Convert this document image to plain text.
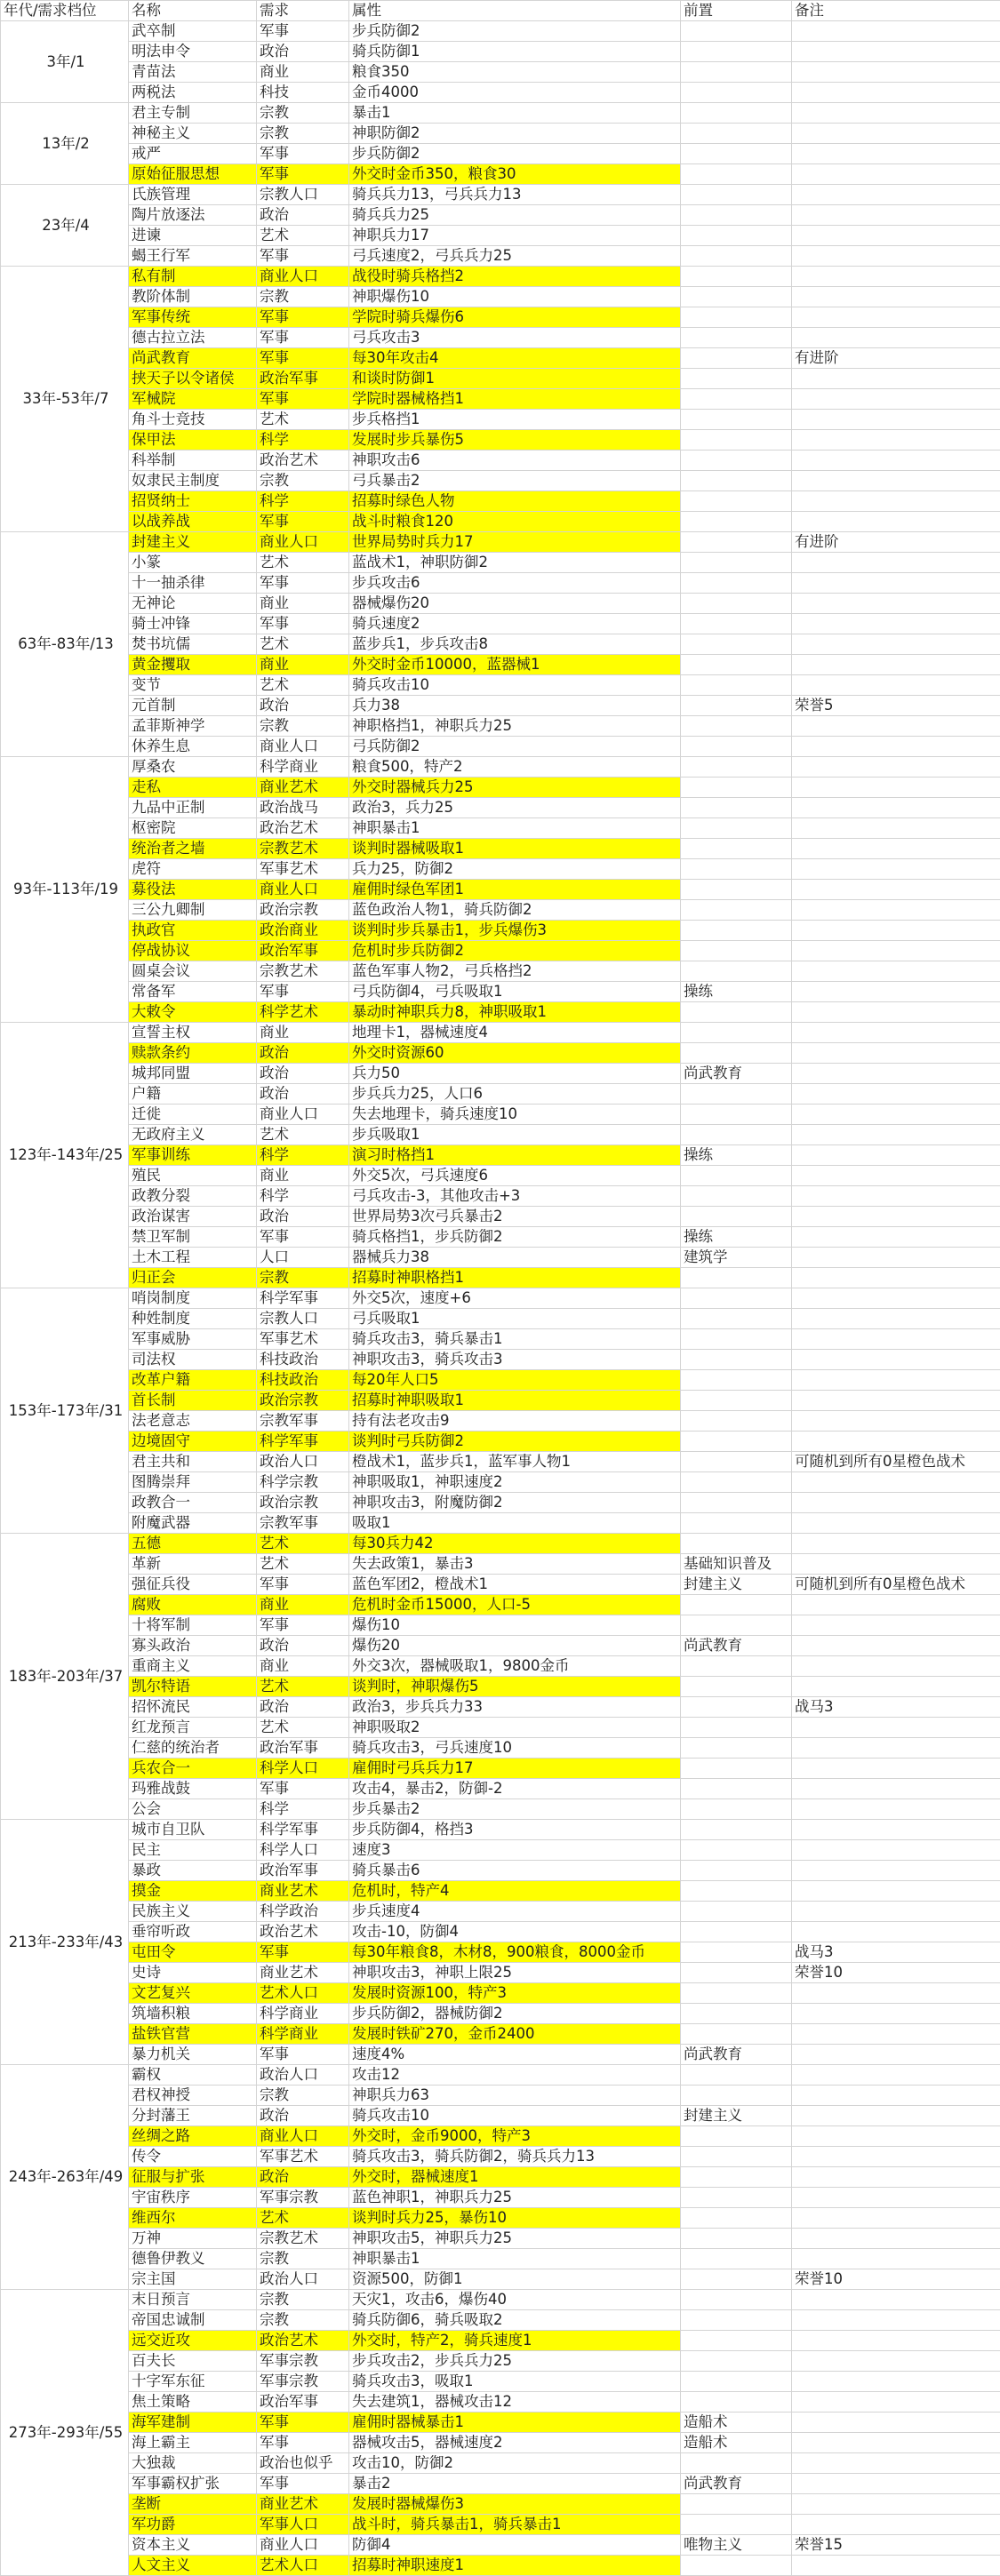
年代/需求档位	名称	需求	属性	前置	备注
3年/1	武卒制	军事	步兵防御2		
	明法申令	政治	骑兵防御1		
	青苗法	商业	粮食350		
	两税法	科技	金币4000		
13年/2	君主专制	宗教	暴击1		
	神秘主义	宗教	神职防御2		
	戒严	军事	步兵防御2		
	原始征服思想	军事	外交时金币350，粮食30		
23年/4	氏族管理	宗教人口	骑兵兵力13，弓兵兵力13		
	陶片放逐法	政治	骑兵兵力25		
	进谏	艺术	神职兵力17		
	蝎王行军	军事	弓兵速度2，弓兵兵力25		
33年-53年/7	私有制	商业人口	战役时骑兵格挡2		
	教阶体制	宗教	神职爆伤10		
	军事传统	军事	学院时骑兵爆伤6		
	德古拉立法	军事	弓兵攻击3		
	尚武教育	军事	每30年攻击4		有进阶
	挟天子以令诸侯	政治军事	和谈时防御1		
	军械院	军事	学院时器械格挡1		
	角斗士竞技	艺术	步兵格挡1		
	保甲法	科学	发展时步兵暴伤5		
	科举制	政治艺术	神职攻击6		
	奴隶民主制度	宗教	弓兵暴击2		
	招贤纳士	科学	招募时绿色人物		
	以战养战	军事	战斗时粮食120		
63年-83年/13	封建主义	商业人口	世界局势时兵力17		有进阶
	小篆	艺术	蓝战术1，神职防御2		
	十一抽杀律	军事	步兵攻击6		
	无神论	商业	器械爆伤20		
	骑士冲锋	军事	骑兵速度2		
	焚书坑儒	艺术	蓝步兵1，步兵攻击8		
	黄金攫取	商业	外交时金币10000，蓝器械1		
	变节	艺术	骑兵攻击10		
	元首制	政治	兵力38		荣誉5
	孟菲斯神学	宗教	神职格挡1，神职兵力25		
	休养生息	商业人口	弓兵防御2		
93年-113年/19	厚桑农	科学商业	粮食500，特产2		
	走私	商业艺术	外交时器械兵力25		
	九品中正制	政治战马	政治3，兵力25		
	枢密院	政治艺术	神职暴击1		
	统治者之墙	宗教艺术	谈判时器械吸取1		
	虎符	军事艺术	兵力25，防御2		
	募役法	商业人口	雇佣时绿色军团1		
	三公九卿制	政治宗教	蓝色政治人物1，骑兵防御2		
	执政官	政治商业	谈判时步兵暴击1，步兵爆伤3		
	停战协议	政治军事	危机时步兵防御2		
	圆桌会议	宗教艺术	蓝色军事人物2，弓兵格挡2		
	常备军	军事	弓兵防御4，弓兵吸取1	操练	
	大敕令	科学艺术	暴动时神职兵力8，神职吸取1		
123年-143年/25	宣誓主权	商业	地理卡1，器械速度4		
	赎款条约	政治	外交时资源60		
	城邦同盟	政治	兵力50	尚武教育	
	户籍	政治	步兵兵力25，人口6		
	迁徙	商业人口	失去地理卡，骑兵速度10		
	无政府主义	艺术	步兵吸取1		
	军事训练	科学	演习时格挡1	操练	
	殖民	商业	外交5次，弓兵速度6		
	政教分裂	科学	弓兵攻击-3，其他攻击+3		
	政治谋害	政治	世界局势3次弓兵暴击2		
	禁卫军制	军事	骑兵格挡1，步兵防御2	操练	
	土木工程	人口	器械兵力38	建筑学	
	归正会	宗教	招募时神职格挡1		
153年-173年/31	哨岗制度	科学军事	外交5次，速度+6		
	种姓制度	宗教人口	弓兵吸取1		
	军事威胁	军事艺术	骑兵攻击3，骑兵暴击1		
	司法权	科技政治	神职攻击3，骑兵攻击3		
	改革户籍	科技政治	每20年人口5		
	首长制	政治宗教	招募时神职吸取1		
	法老意志	宗教军事	持有法老攻击9		
	边境固守	科学军事	谈判时弓兵防御2		
	君主共和	政治人口	橙战术1，蓝步兵1，蓝军事人物1		可随机到所有0星橙色战术
	图腾崇拜	科学宗教	神职吸取1，神职速度2		
	政教合一	政治宗教	神职攻击3，附魔防御2		
	附魔武器	宗教军事	吸取1		
183年-203年/37	五德	艺术	每30兵力42		
	革新	艺术	失去政策1，暴击3	基础知识普及	
	强征兵役	军事	蓝色军团2，橙战术1	封建主义	可随机到所有0星橙色战术
	腐败	商业	危机时金币15000，人口-5		
	十将军制	军事	爆伤10		
	寡头政治	政治	爆伤20	尚武教育	
	重商主义	商业	外交3次，器械吸取1，9800金币		
	凯尔特语	艺术	谈判时，神职爆伤5		
	招怀流民	政治	政治3，步兵兵力33		战马3
	红龙预言	艺术	神职吸取2		
	仁慈的统治者	政治军事	骑兵攻击3，弓兵速度10		
	兵农合一	科学人口	雇佣时弓兵兵力17		
	玛雅战鼓	军事	攻击4，暴击2，防御-2		
	公会	科学	步兵暴击2		
213年-233年/43	城市自卫队	科学军事	步兵防御4，格挡3		
	民主	科学人口	速度3		
	暴政	政治军事	骑兵暴击6		
	摸金	商业艺术	危机时，特产4		
	民族主义	科学政治	步兵速度4		
	垂帘听政	政治艺术	攻击-10，防御4		
	屯田令	军事	每30年粮食8，木材8，900粮食，8000金币		战马3
	史诗	商业艺术	神职攻击3，神职上限25		荣誉10
	文艺复兴	艺术人口	发展时资源100，特产3		
	筑墙积粮	科学商业	步兵防御2，器械防御2		
	盐铁官营	科学商业	发展时铁矿270，金币2400		
	暴力机关	军事	速度4%	尚武教育	
243年-263年/49	霸权	政治人口	攻击12		
	君权神授	宗教	神职兵力63		
	分封藩王	政治	骑兵攻击10	封建主义	
	丝绸之路	商业人口	外交时，金币9000，特产3		
	传令	军事艺术	骑兵攻击3，骑兵防御2，骑兵兵力13		
	征服与扩张	政治	外交时，器械速度1		
	宇宙秩序	军事宗教	蓝色神职1，神职兵力25		
	维西尔	艺术	谈判时兵力25，暴伤10		
	万神	宗教艺术	神职攻击5，神职兵力25		
	德鲁伊教义	宗教	神职暴击1		
	宗主国	政治人口	资源500，防御1		荣誉10
273年-293年/55	末日预言	宗教	天灾1，攻击6，爆伤40		
	帝国忠诚制	宗教	骑兵防御6，骑兵吸取2		
	远交近攻	政治艺术	外交时，特产2，骑兵速度1		
	百夫长	军事宗教	步兵攻击2，步兵兵力25		
	十字军东征	军事宗教	骑兵攻击3，吸取1		
	焦土策略	政治军事	失去建筑1，器械攻击12		
	海军建制	军事	雇佣时器械暴击1	造船术	
	海上霸主	军事	器械攻击5，器械速度2	造船术	
	大独裁	政治也似乎	攻击10，防御2		
	军事霸权扩张	军事	暴击2	尚武教育	
	垄断	商业艺术	发展时器械爆伤3		
	军功爵	军事人口	战斗时，骑兵暴击1，骑兵暴击1		
	资本主义	商业人口	防御4	唯物主义	荣誉15
	人文主义	艺术人口	招募时神职速度1		
